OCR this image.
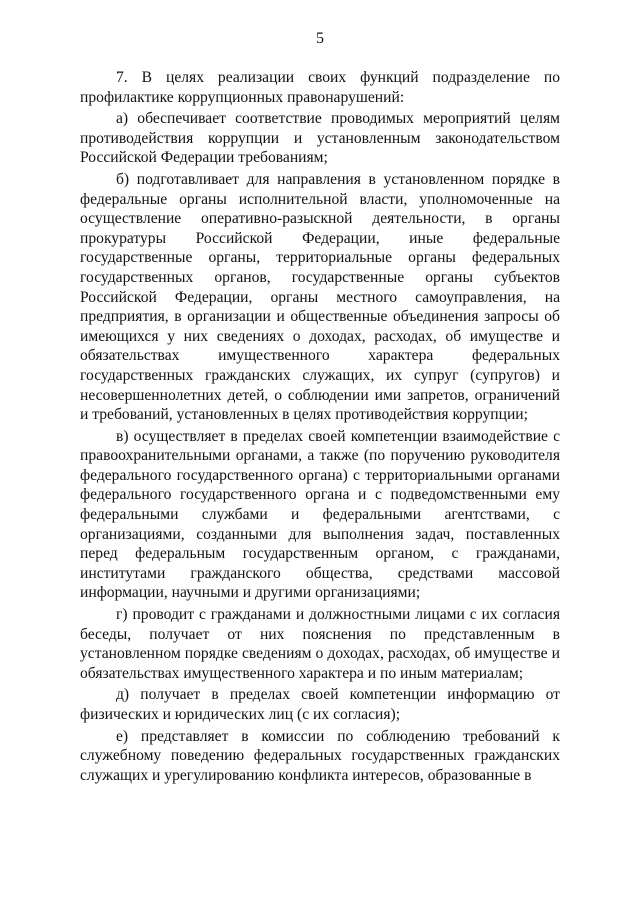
5

7. В целях реализации своих функций подразделение по профилактике коррупционных правонарушений:

а) обеспечивает соответствие проводимых мероприятий целям противодействия коррупции и установленным законодательством Российской Федерации требованиям;

б) подготавливает для направления в установленном порядке в федеральные органы исполнительной власти, уполномоченные на осуществление оперативно-разыскной деятельности, в органы прокуратуры Российской Федерации, иные федеральные государственные органы, территориальные органы федеральных государственных органов, государственные органы субъектов Российской Федерации, органы местного самоуправления, на предприятия, в организации и общественные объединения запросы об имеющихся у них сведениях о доходах, расходах, об имуществе и обязательствах имущественного характера федеральных государственных гражданских служащих, их супруг (супругов) и несовершеннолетних детей, о соблюдении ими запретов, ограничений и требований, установленных в целях противодействия коррупции;

в) осуществляет в пределах своей компетенции взаимодействие с правоохранительными органами, а также (по поручению руководителя федерального государственного органа) с территориальными органами федерального государственного органа и с подведомственными ему федеральными службами и федеральными агентствами, с организациями, созданными для выполнения задач, поставленных перед федеральным государственным органом, с гражданами, институтами гражданского общества, средствами массовой информации, научными и другими организациями;

г) проводит с гражданами и должностными лицами с их согласия беседы, получает от них пояснения по представленным в установленном порядке сведениям о доходах, расходах, об имуществе и обязательствах имущественного характера и по иным материалам;

д) получает в пределах своей компетенции информацию от физических и юридических лиц (с их согласия);

е) представляет в комиссии по соблюдению требований к служебному поведению федеральных государственных гражданских служащих и урегулированию конфликта интересов, образованные в
